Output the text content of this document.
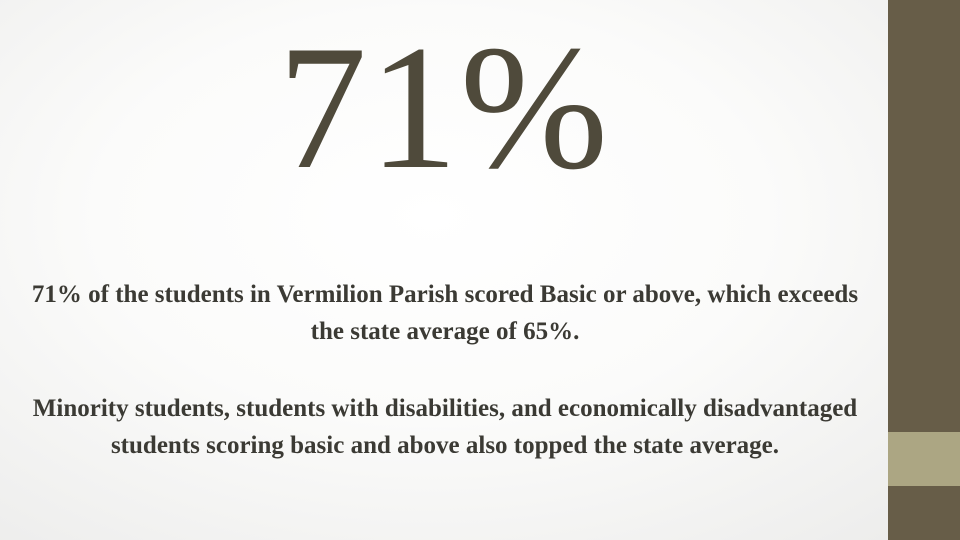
71%
71% of the students in Vermilion Parish scored Basic or above, which exceeds the state average of 65%.
Minority students, students with disabilities, and economically disadvantaged students scoring basic and above also topped the state average.
